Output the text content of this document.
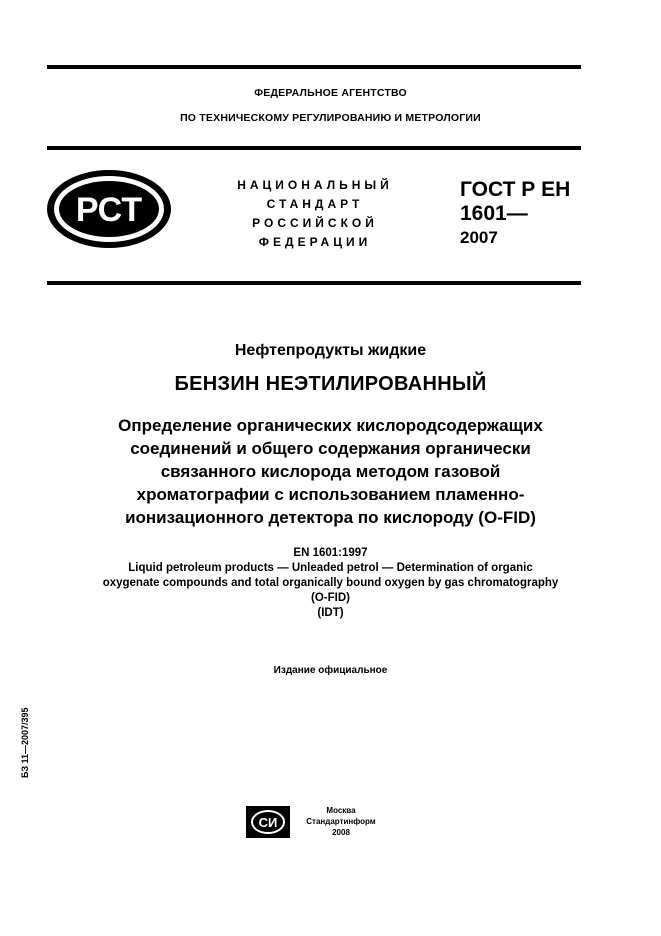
ФЕДЕРАЛЬНОЕ АГЕНТСТВО
ПО ТЕХНИЧЕСКОМУ РЕГУЛИРОВАНИЮ И МЕТРОЛОГИИ
РСТ
НАЦИОНАЛЬНЫЙ
СТАНДАРТ
РОССИЙСКОЙ
ФЕДЕРАЦИИ
ГОСТ Р ЕН
1601—
2007
Нефтепродукты жидкие
БЕНЗИН НЕЭТИЛИРОВАННЫЙ
Определение органических кислородсодержащих
соединений и общего содержания органически
связанного кислорода методом газовой
хроматографии с использованием пламенно-
ионизационного детектора по кислороду (O-FID)
EN 1601:1997
Liquid petroleum products — Unleaded petrol — Determination of organic
oxygenate compounds and total organically bound oxygen by gas chromatography
(O-FID)
(IDT)
Издание официальное
БЗ 11—2007/395
СИ
Москва
Стандартинформ
2008
